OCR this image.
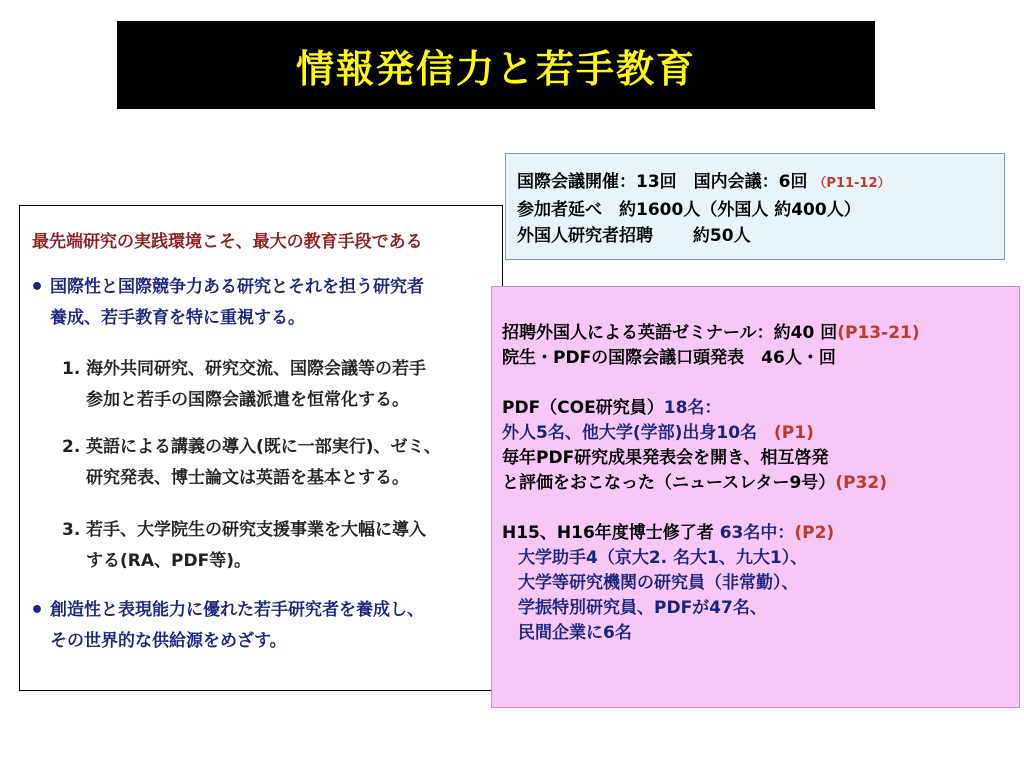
情報発信力と若手教育
最先端研究の実践環境こそ、最大の教育手段である
• 国際性と国際競争力ある研究とそれを担う研究者
養成、若手教育を特に重視する。
1. 海外共同研究、研究交流、国際会議等の若手
参加と若手の国際会議派遣を恒常化する。
2. 英語による講義の導入(既に一部実行)、ゼミ、
研究発表、博士論文は英語を基本とする。
3. 若手、大学院生の研究支援事業を大幅に導入
する(RA、PDF等)。
• 創造性と表現能力に優れた若手研究者を養成し、
その世界的な供給源をめざす。
国際会議開催：13回　国内会議：6回 （P11-12）
参加者延べ　約1600人（外国人 約400人）
外国人研究者招聘　　 約50人
招聘外国人による英語ゼミナール：約40 回(P13-21)
院生・PDFの国際会議口頭発表　46人・回
PDF（COE研究員）18名：
外人5名、他大学(学部)出身10名　(P1)
毎年PDF研究成果発表会を開き、相互啓発
と評価をおこなった（ニュースレター9号）(P32)
H15、H16年度博士修了者 63名中：(P2)
大学助手4（京大2. 名大1、九大1）、
大学等研究機関の研究員（非常勤）、
学振特別研究員、PDFが47名、
民間企業に6名
